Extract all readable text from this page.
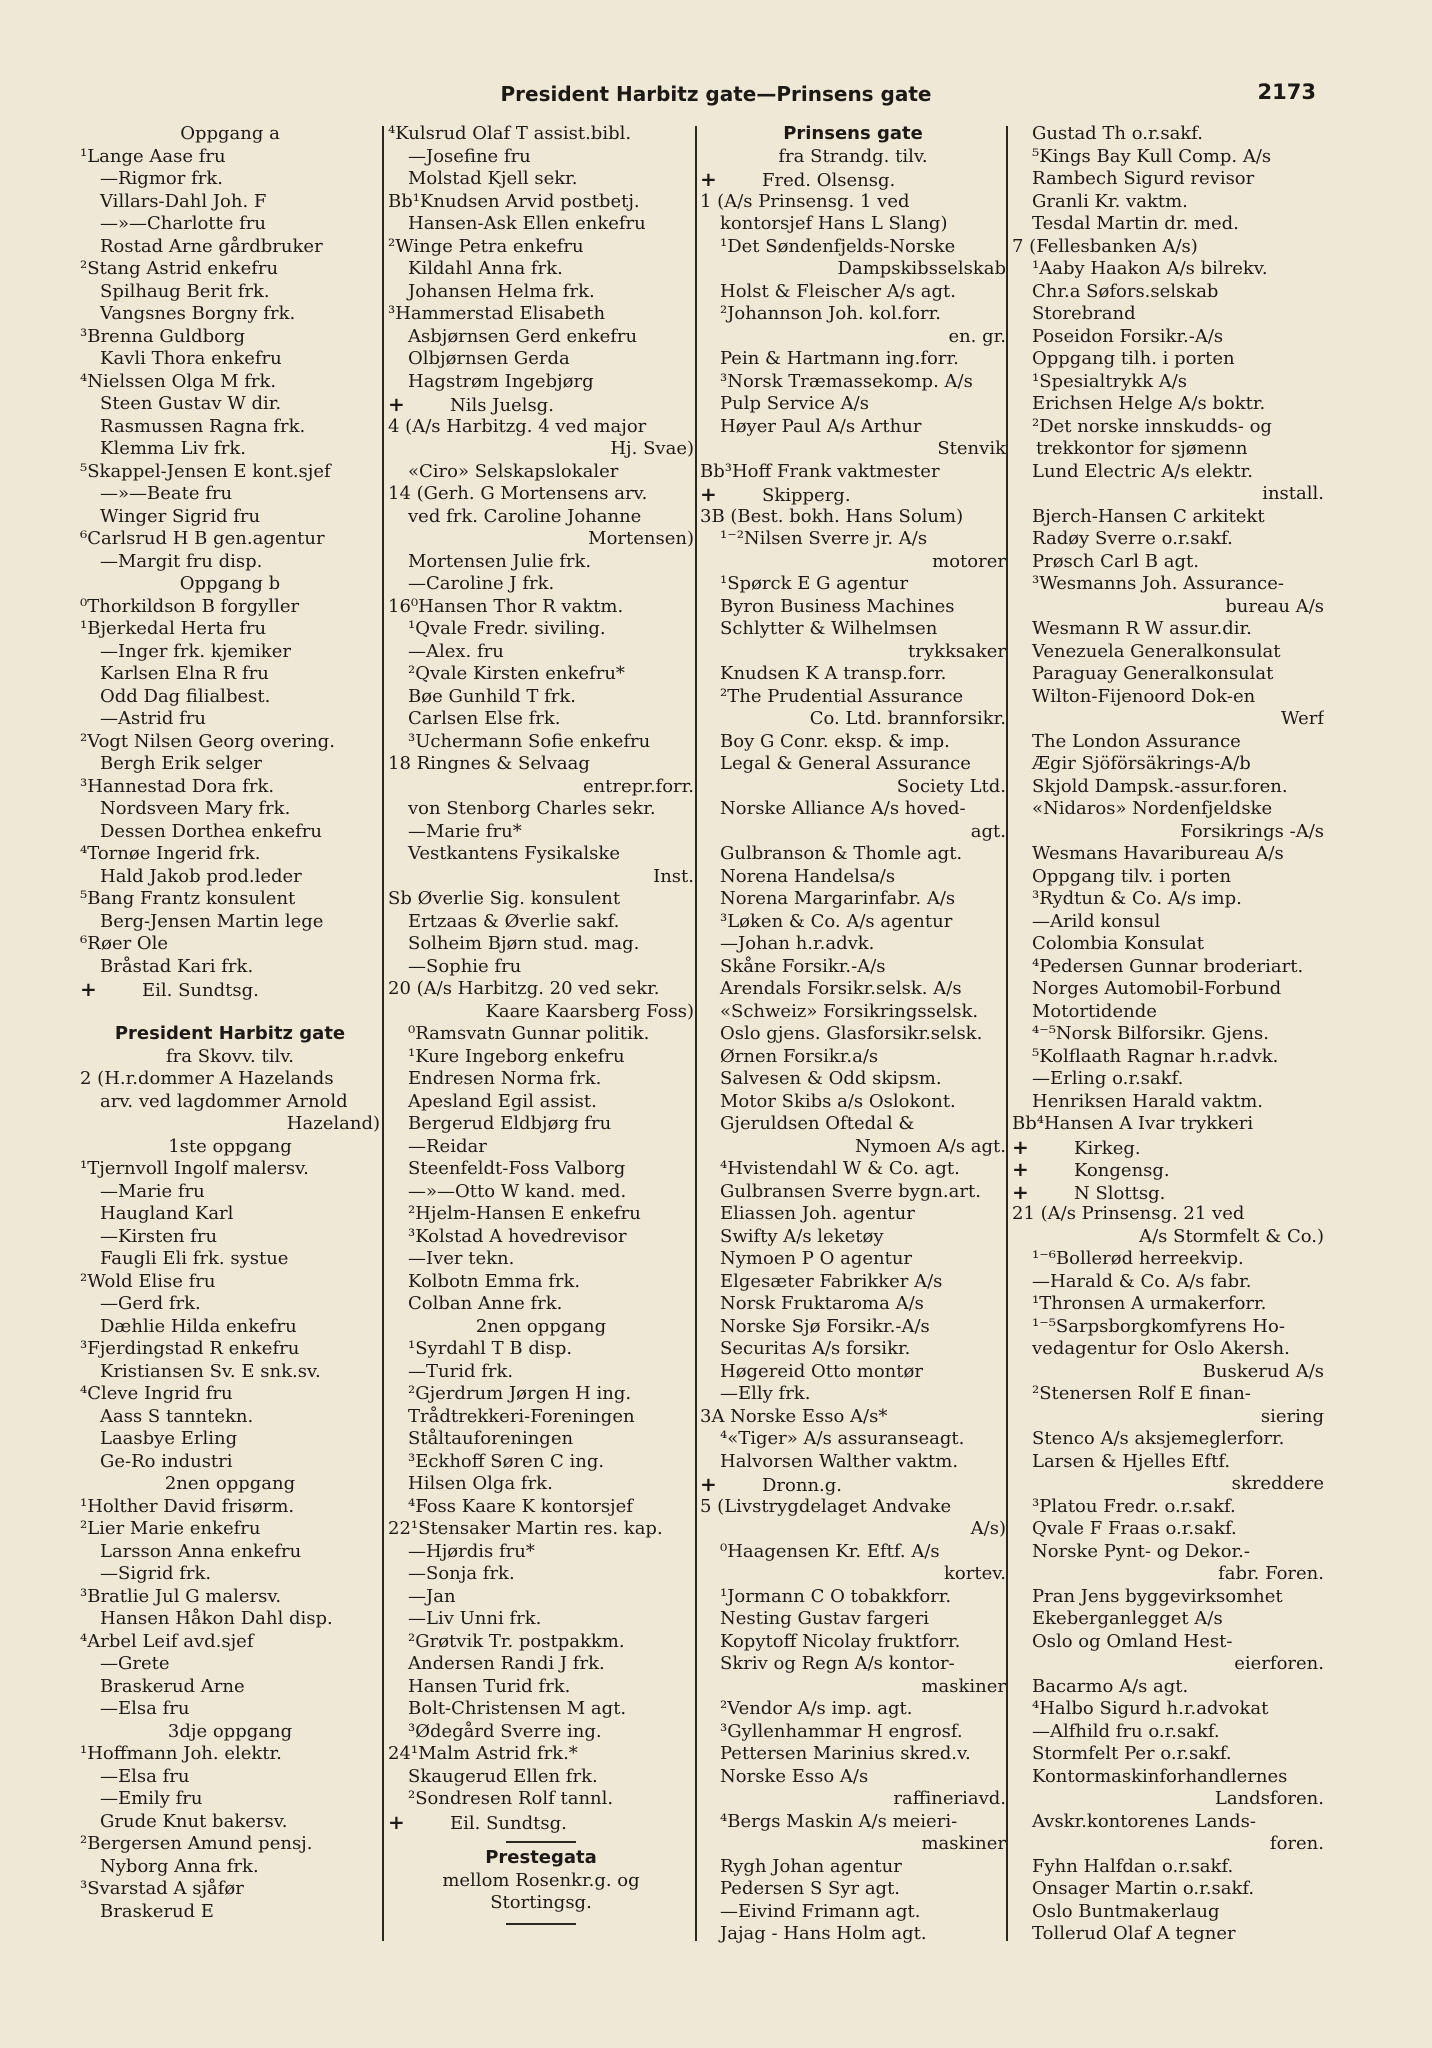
President Harbitz gate—Prinsens gate	2173
Oppgang a
¹Lange Aase fru
—Rigmor frk.
Villars-Dahl Joh. F
—»—Charlotte fru
Rostad Arne gårdbruker
²Stang Astrid enkefru
Spilhaug Berit frk.
Vangsnes Borgny frk.
³Brenna Guldborg
Kavli Thora enkefru
⁴Nielssen Olga M frk.
Steen Gustav W dir.
Rasmussen Ragna frk.
Klemma Liv frk.
⁵Skappel-Jensen E kont.sjef
—»—Beate fru
Winger Sigrid fru
⁶Carlsrud H B gen.agentur
—Margit fru disp.
Oppgang b
⁰Thorkildson B forgyller
¹Bjerkedal Herta fru
—Inger frk. kjemiker
Karlsen Elna R fru
Odd Dag filialbest.
—Astrid fru
²Vogt Nilsen Georg overing.
Bergh Erik selger
³Hannestad Dora frk.
Nordsveen Mary frk.
Dessen Dorthea enkefru
⁴Tornøe Ingerid frk.
Hald Jakob prod.leder
⁵Bang Frantz konsulent
Berg-Jensen Martin lege
⁶Røer Ole
Bråstad Kari frk.
+	Eil. Sundtsg.
President Harbitz gate
fra Skovv. tilv.
2 (H.r.dommer A Hazelands
arv. ved lagdommer Arnold
Hazeland)
1ste oppgang
¹Tjernvoll Ingolf malersv.
—Marie fru
Haugland Karl
—Kirsten fru
Faugli Eli frk. systue
²Wold Elise fru
—Gerd frk.
Dæhlie Hilda enkefru
³Fjerdingstad R enkefru
Kristiansen Sv. E snk.sv.
⁴Cleve Ingrid fru
Aass S tanntekn.
Laasbye Erling
Ge-Ro industri
2nen oppgang
¹Holther David frisørm.
²Lier Marie enkefru
Larsson Anna enkefru
—Sigrid frk.
³Bratlie Jul G malersv.
Hansen Håkon Dahl disp.
⁴Arbel Leif avd.sjef
—Grete
Braskerud Arne
—Elsa fru
3dje oppgang
¹Hoffmann Joh. elektr.
—Elsa fru
—Emily fru
Grude Knut bakersv.
²Bergersen Amund pensj.
Nyborg Anna frk.
³Svarstad A sjåfør
Braskerud E
⁴Kulsrud Olaf T assist.bibl.
—Josefine fru
Molstad Kjell sekr.
Bb¹Knudsen Arvid postbetj.
Hansen-Ask Ellen enkefru
²Winge Petra enkefru
Kildahl Anna frk.
Johansen Helma frk.
³Hammerstad Elisabeth
Asbjørnsen Gerd enkefru
Olbjørnsen Gerda
Hagstrøm Ingebjørg
+	Nils Juelsg.
4 (A/s Harbitzg. 4 ved major
Hj. Svae)
«Ciro» Selskapslokaler
14 (Gerh. G Mortensens arv.
ved frk. Caroline Johanne
Mortensen)
Mortensen Julie frk.
—Caroline J frk.
16⁰Hansen Thor R vaktm.
¹Qvale Fredr. siviling.
—Alex. fru
²Qvale Kirsten enkefru*
Bøe Gunhild T frk.
Carlsen Else frk.
³Uchermann Sofie enkefru
18 Ringnes & Selvaag
entrepr.forr.
von Stenborg Charles sekr.
—Marie fru*
Vestkantens Fysikalske
Inst.
Sb Øverlie Sig. konsulent
Ertzaas & Øverlie sakf.
Solheim Bjørn stud. mag.
—Sophie fru
20 (A/s Harbitzg. 20 ved sekr.
Kaare Kaarsberg Foss)
⁰Ramsvatn Gunnar politik.
¹Kure Ingeborg enkefru
Endresen Norma frk.
Apesland Egil assist.
Bergerud Eldbjørg fru
—Reidar
Steenfeldt-Foss Valborg
—»—Otto W kand. med.
²Hjelm-Hansen E enkefru
³Kolstad A hovedrevisor
—Iver tekn.
Kolbotn Emma frk.
Colban Anne frk.
2nen oppgang
¹Syrdahl T B disp.
—Turid frk.
²Gjerdrum Jørgen H ing.
Trådtrekkeri-Foreningen
Ståltauforeningen
³Eckhoff Søren C ing.
Hilsen Olga frk.
⁴Foss Kaare K kontorsjef
22¹Stensaker Martin res. kap.
—Hjørdis fru*
—Sonja frk.
—Jan
—Liv Unni frk.
²Grøtvik Tr. postpakkm.
Andersen Randi J frk.
Hansen Turid frk.
Bolt-Christensen M agt.
³Ødegård Sverre ing.
24¹Malm Astrid frk.*
Skaugerud Ellen frk.
²Sondresen Rolf tannl.
+	Eil. Sundtsg.
Prestegata
mellom Rosenkr.g. og
Stortingsg.
Prinsens gate
fra Strandg. tilv.
+	Fred. Olsensg.
1 (A/s Prinsensg. 1 ved
kontorsjef Hans L Slang)
¹Det Søndenfjelds-Norske
Dampskibsselskab
Holst & Fleischer A/s agt.
²Johannson Joh. kol.forr.
en. gr.
Pein & Hartmann ing.forr.
³Norsk Træmassekomp. A/s
Pulp Service A/s
Høyer Paul A/s Arthur
Stenvik
Bb³Hoff Frank vaktmester
+	Skipperg.
3B (Best. bokh. Hans Solum)
¹⁻²Nilsen Sverre jr. A/s
motorer
¹Spørck E G agentur
Byron Business Machines
Schlytter & Wilhelmsen
trykksaker
Knudsen K A transp.forr.
²The Prudential Assurance
Co. Ltd. brannforsikr.
Boy G Conr. eksp. & imp.
Legal & General Assurance
Society Ltd.
Norske Alliance A/s hoved-
agt.
Gulbranson & Thomle agt.
Norena Handelsa/s
Norena Margarinfabr. A/s
³Løken & Co. A/s agentur
—Johan h.r.advk.
Skåne Forsikr.-A/s
Arendals Forsikr.selsk. A/s
«Schweiz» Forsikringsselsk.
Oslo gjens. Glasforsikr.selsk.
Ørnen Forsikr.a/s
Salvesen & Odd skipsm.
Motor Skibs a/s Oslokont.
Gjeruldsen Oftedal &
Nymoen A/s agt.
⁴Hvistendahl W & Co. agt.
Gulbransen Sverre bygn.art.
Eliassen Joh. agentur
Swifty A/s leketøy
Nymoen P O agentur
Elgesæter Fabrikker A/s
Norsk Fruktaroma A/s
Norske Sjø Forsikr.-A/s
Securitas A/s forsikr.
Høgereid Otto montør
—Elly frk.
3A Norske Esso A/s*
⁴«Tiger» A/s assuranseagt.
Halvorsen Walther vaktm.
+	Dronn.g.
5 (Livstrygdelaget Andvake
A/s)
⁰Haagensen Kr. Eftf. A/s
kortev.
¹Jormann C O tobakkforr.
Nesting Gustav fargeri
Kopytoff Nicolay fruktforr.
Skriv og Regn A/s kontor-
maskiner
²Vendor A/s imp. agt.
³Gyllenhammar H engrosf.
Pettersen Marinius skred.v.
Norske Esso A/s
raffineriavd.
⁴Bergs Maskin A/s meieri-
maskiner
Rygh Johan agentur
Pedersen S Syr agt.
—Eivind Frimann agt.
Jajag - Hans Holm agt.
Gustad Th o.r.sakf.
⁵Kings Bay Kull Comp. A/s
Rambech Sigurd revisor
Granli Kr. vaktm.
Tesdal Martin dr. med.
7 (Fellesbanken A/s)
¹Aaby Haakon A/s bilrekv.
Chr.a Søfors.selskab
Storebrand
Poseidon Forsikr.-A/s
Oppgang tilh. i porten
¹Spesialtrykk A/s
Erichsen Helge A/s boktr.
²Det norske innskudds- og
trekkontor for sjømenn
Lund Electric A/s elektr.
install.
Bjerch-Hansen C arkitekt
Radøy Sverre o.r.sakf.
Prøsch Carl B agt.
³Wesmanns Joh. Assurance-
bureau A/s
Wesmann R W assur.dir.
Venezuela Generalkonsulat
Paraguay Generalkonsulat
Wilton-Fijenoord Dok-en
Werf
The London Assurance
Ægir Sjöförsäkrings-A/b
Skjold Dampsk.-assur.foren.
«Nidaros» Nordenfjeldske
Forsikrings -A/s
Wesmans Havaribureau A/s
Oppgang tilv. i porten
³Rydtun & Co. A/s imp.
—Arild konsul
Colombia Konsulat
⁴Pedersen Gunnar broderiart.
Norges Automobil-Forbund
Motortidende
⁴⁻⁵Norsk Bilforsikr. Gjens.
⁵Kolflaath Ragnar h.r.advk.
—Erling o.r.sakf.
Henriksen Harald vaktm.
Bb⁴Hansen A Ivar trykkeri
+	Kirkeg.
+	Kongensg.
+	N Slottsg.
21 (A/s Prinsensg. 21 ved
A/s Stormfelt & Co.)
¹⁻⁶Bollerød herreekvip.
—Harald & Co. A/s fabr.
¹Thronsen A urmakerforr.
¹⁻⁵Sarpsborgkomfyrens Ho-
vedagentur for Oslo Akersh.
Buskerud A/s
²Stenersen Rolf E finan-
siering
Stenco A/s aksjemeglerforr.
Larsen & Hjelles Eftf.
skreddere
³Platou Fredr. o.r.sakf.
Qvale F Fraas o.r.sakf.
Norske Pynt- og Dekor.-
fabr. Foren.
Pran Jens byggevirksomhet
Ekeberganlegget A/s
Oslo og Omland Hest-
eierforen.
Bacarmo A/s agt.
⁴Halbo Sigurd h.r.advokat
—Alfhild fru o.r.sakf.
Stormfelt Per o.r.sakf.
Kontormaskinforhandlernes
Landsforen.
Avskr.kontorenes Lands-
foren.
Fyhn Halfdan o.r.sakf.
Onsager Martin o.r.sakf.
Oslo Buntmakerlaug
Tollerud Olaf A tegner
